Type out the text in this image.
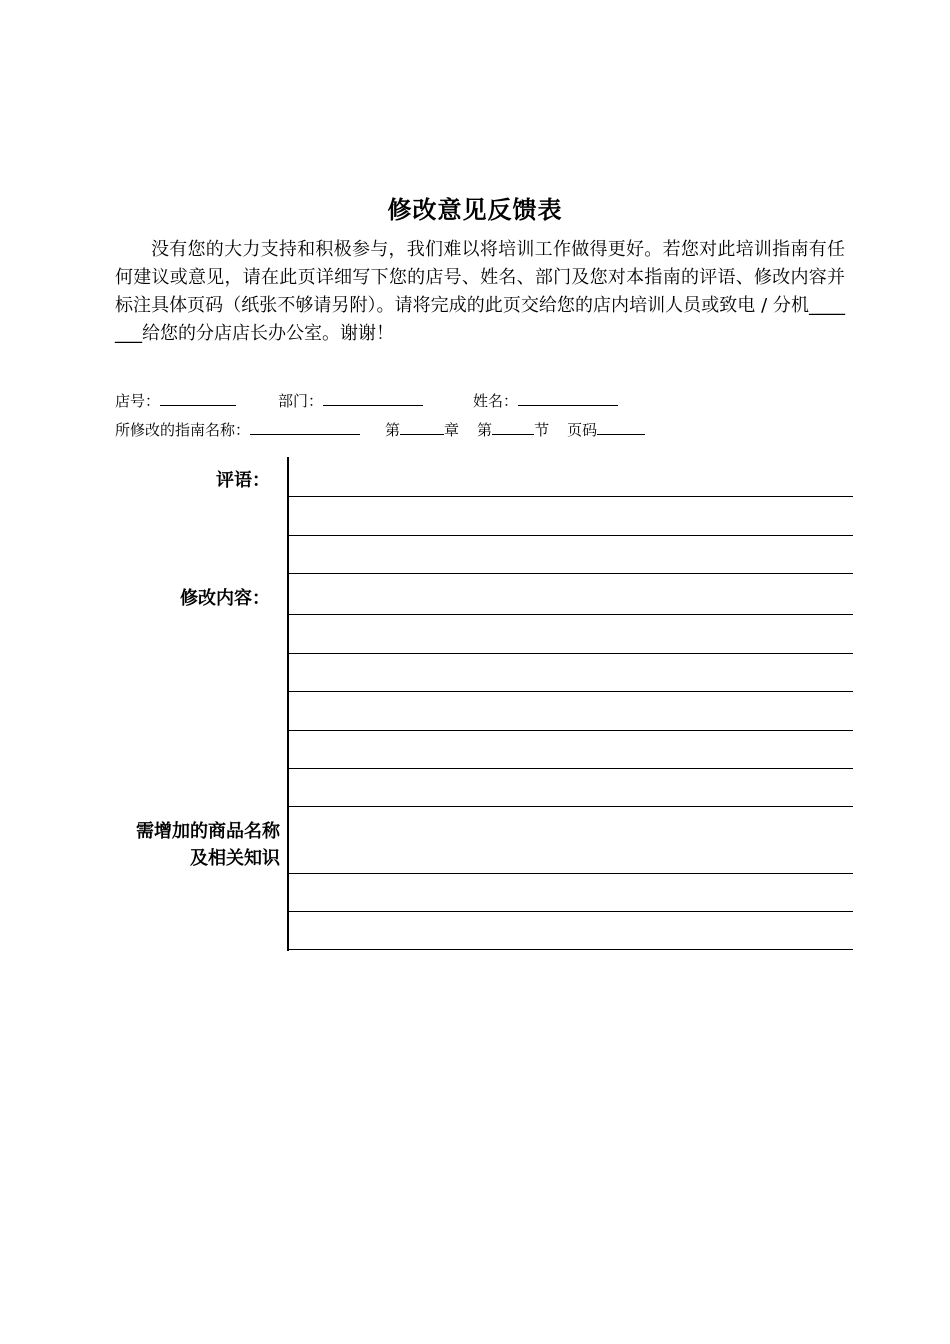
修改意见反馈表
没有您的大力支持和积极参与，我们难以将培训工作做得更好。若您对此培训指南有任何建议或意见，请在此页详细写下您的店号、姓名、部门及您对本指南的评语、修改内容并标注具体页码（纸张不够请另附）。请将完成的此页交给您的店内培训人员或致电 / 分机_______给您的分店店长办公室。谢谢！
店号：	部门：	姓名：
所修改的指南名称：	第	章 第	节 页码
评语：
修改内容：
需增加的商品名称
及相关知识
